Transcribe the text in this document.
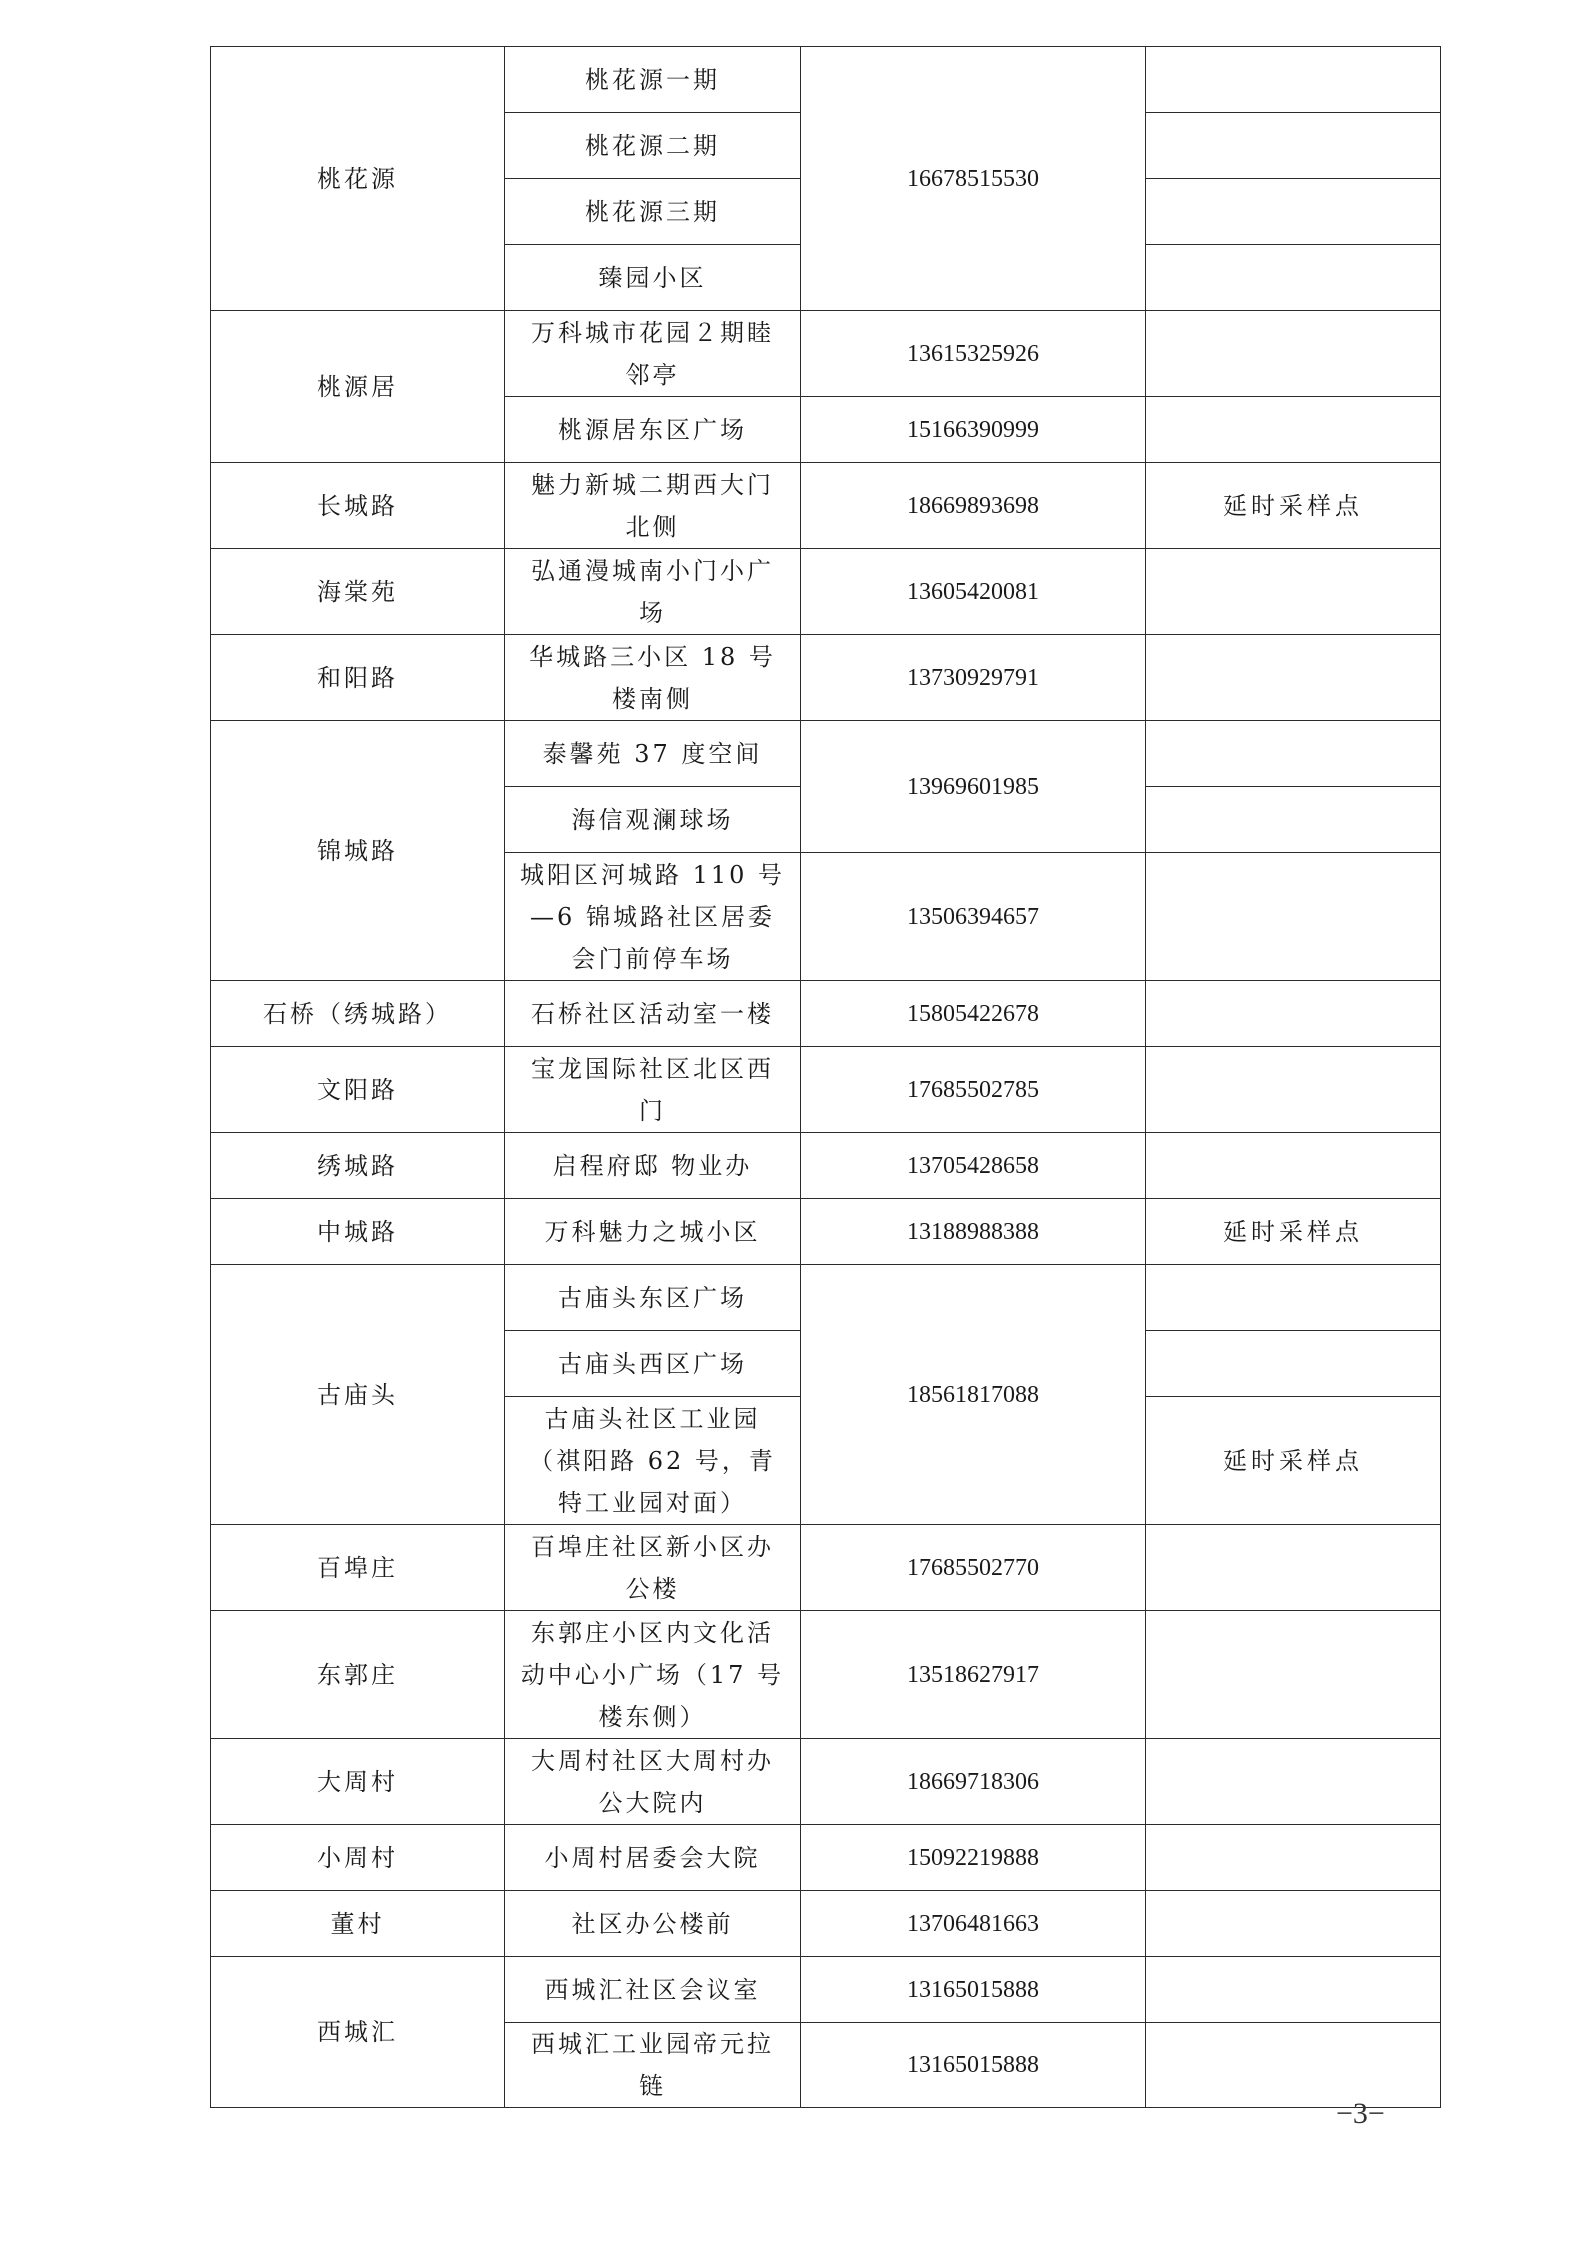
桃花源	桃花源一期	16678515530	
	桃花源二期		
	桃花源三期		
	臻园小区		
桃源居	万科城市花园２期睦邻亭	13615325926	
	桃源居东区广场	15166390999	
长城路	魅力新城二期西大门北侧	18669893698	延时采样点
海棠苑	弘通漫城南小门小广场	13605420081	
和阳路	华城路三小区 18 号楼南侧	13730929791	
锦城路	泰馨苑 37 度空间	13969601985	
	海信观澜球场		
	城阳区河城路 110 号—6 锦城路社区居委会门前停车场	13506394657	
石桥（绣城路）	石桥社区活动室一楼	15805422678	
文阳路	宝龙国际社区北区西门	17685502785	
绣城路	启程府邸 物业办	13705428658	
中城路	万科魅力之城小区	13188988388	延时采样点
古庙头	古庙头东区广场	18561817088	
	古庙头西区广场		
	古庙头社区工业园（祺阳路 62 号，青特工业园对面）		延时采样点
百埠庄	百埠庄社区新小区办公楼	17685502770	
东郭庄	东郭庄小区内文化活动中心小广场（17 号楼东侧）	13518627917	
大周村	大周村社区大周村办公大院内	18669718306	
小周村	小周村居委会大院	15092219888	
董村	社区办公楼前	13706481663	
西城汇	西城汇社区会议室	13165015888	
	西城汇工业园帝元拉链	13165015888	
−3−
